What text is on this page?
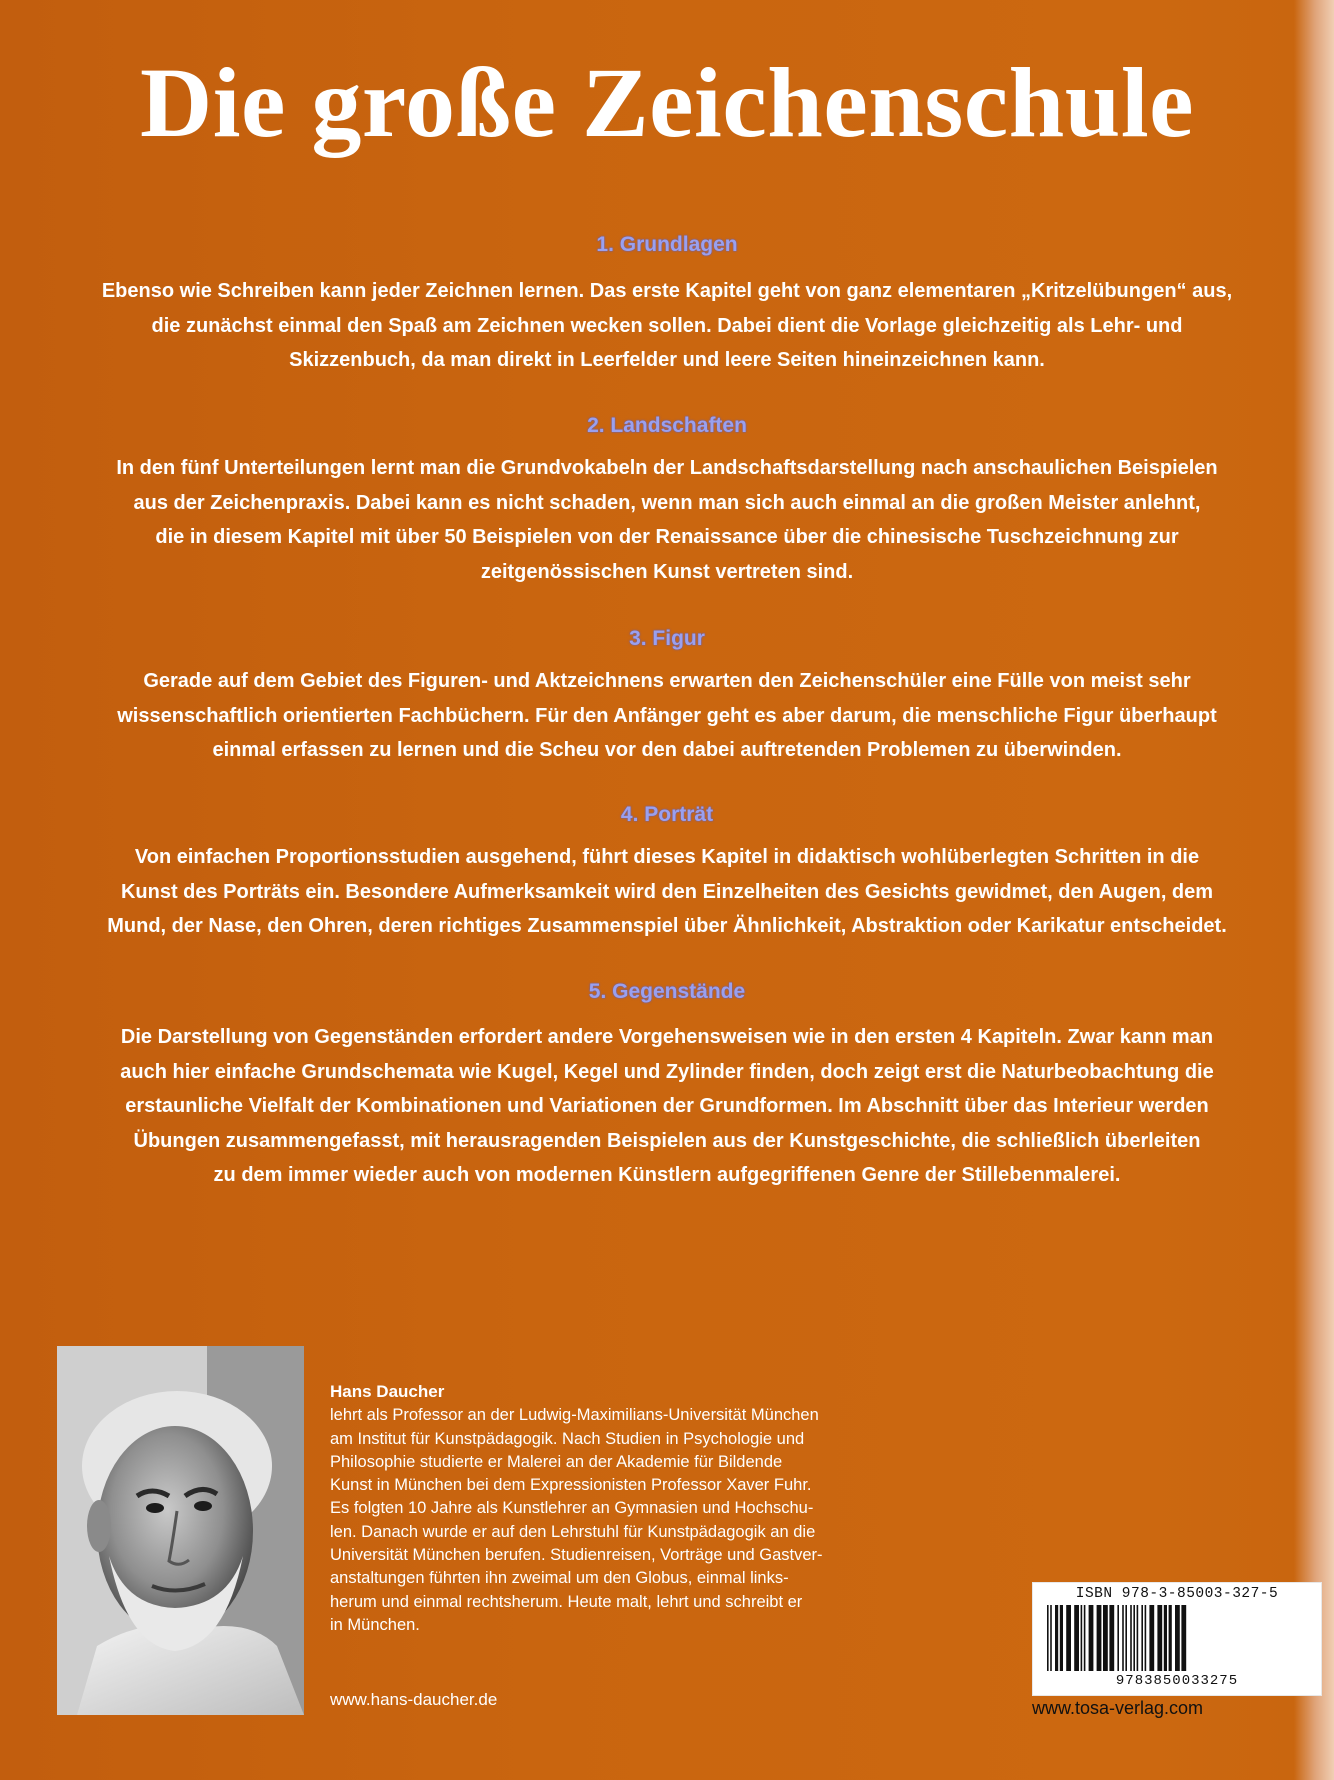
Die große Zeichenschule
1. Grundlagen
Ebenso wie Schreiben kann jeder Zeichnen lernen. Das erste Kapitel geht von ganz elementaren „Kritzelübungen“ aus,
die zunächst einmal den Spaß am Zeichnen wecken sollen. Dabei dient die Vorlage gleichzeitig als Lehr- und
Skizzenbuch, da man direkt in Leerfelder und leere Seiten hineinzeichnen kann.
2. Landschaften
In den fünf Unterteilungen lernt man die Grundvokabeln der Landschaftsdarstellung nach anschaulichen Beispielen
aus der Zeichenpraxis. Dabei kann es nicht schaden, wenn man sich auch einmal an die großen Meister anlehnt,
die in diesem Kapitel mit über 50 Beispielen von der Renaissance über die chinesische Tuschzeichnung zur
zeitgenössischen Kunst vertreten sind.
3. Figur
Gerade auf dem Gebiet des Figuren- und Aktzeichnens erwarten den Zeichenschüler eine Fülle von meist sehr
wissenschaftlich orientierten Fachbüchern. Für den Anfänger geht es aber darum, die menschliche Figur überhaupt
einmal erfassen zu lernen und die Scheu vor den dabei auftretenden Problemen zu überwinden.
4. Porträt
Von einfachen Proportionsstudien ausgehend, führt dieses Kapitel in didaktisch wohlüberlegten Schritten in die
Kunst des Porträts ein. Besondere Aufmerksamkeit wird den Einzelheiten des Gesichts gewidmet, den Augen, dem
Mund, der Nase, den Ohren, deren richtiges Zusammenspiel über Ähnlichkeit, Abstraktion oder Karikatur entscheidet.
5. Gegenstände
Die Darstellung von Gegenständen erfordert andere Vorgehensweisen wie in den ersten 4 Kapiteln. Zwar kann man
auch hier einfache Grundschemata wie Kugel, Kegel und Zylinder finden, doch zeigt erst die Naturbeobachtung die
erstaunliche Vielfalt der Kombinationen und Variationen der Grundformen. Im Abschnitt über das Interieur werden
Übungen zusammengefasst, mit herausragenden Beispielen aus der Kunstgeschichte, die schließlich überleiten
zu dem immer wieder auch von modernen Künstlern aufgegriffenen Genre der Stillebenmalerei.
Hans Daucher
lehrt als Professor an der Ludwig-Maximilians-Universität München
am Institut für Kunstpädagogik. Nach Studien in Psychologie und
Philosophie studierte er Malerei an der Akademie für Bildende
Kunst in München bei dem Expressionisten Professor Xaver Fuhr.
Es folgten 10 Jahre als Kunstlehrer an Gymnasien und Hochschu-
len. Danach wurde er auf den Lehrstuhl für Kunstpädagogik an die
Universität München berufen. Studienreisen, Vorträge und Gastver-
anstaltungen führten ihn zweimal um den Globus, einmal links-
herum und einmal rechtsherum. Heute malt, lehrt und schreibt er
in München.
www.hans-daucher.de
ISBN 978-3-85003-327-5
9783850033275
www.tosa-verlag.com
